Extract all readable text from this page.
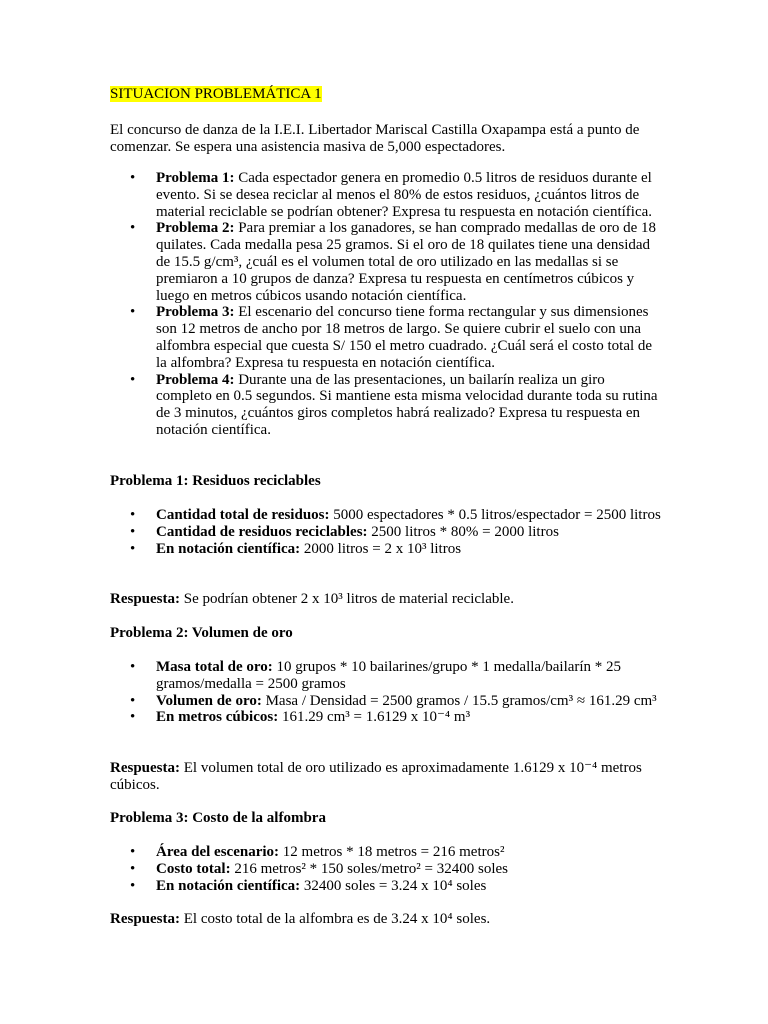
SITUACION PROBLEMÁTICA 1

El concurso de danza de la I.E.I. Libertador Mariscal Castilla Oxapampa está a punto de comenzar. Se espera una asistencia masiva de 5,000 espectadores.

• Problema 1: Cada espectador genera en promedio 0.5 litros de residuos durante el evento. Si se desea reciclar al menos el 80% de estos residuos, ¿cuántos litros de material reciclable se podrían obtener? Expresa tu respuesta en notación científica.
• Problema 2: Para premiar a los ganadores, se han comprado medallas de oro de 18 quilates. Cada medalla pesa 25 gramos. Si el oro de 18 quilates tiene una densidad de 15.5 g/cm³, ¿cuál es el volumen total de oro utilizado en las medallas si se premiaron a 10 grupos de danza? Expresa tu respuesta en centímetros cúbicos y luego en metros cúbicos usando notación científica.
• Problema 3: El escenario del concurso tiene forma rectangular y sus dimensiones son 12 metros de ancho por 18 metros de largo. Se quiere cubrir el suelo con una alfombra especial que cuesta S/ 150 el metro cuadrado. ¿Cuál será el costo total de la alfombra? Expresa tu respuesta en notación científica.
• Problema 4: Durante una de las presentaciones, un bailarín realiza un giro completo en 0.5 segundos. Si mantiene esta misma velocidad durante toda su rutina de 3 minutos, ¿cuántos giros completos habrá realizado? Expresa tu respuesta en notación científica.

Problema 1: Residuos reciclables

• Cantidad total de residuos: 5000 espectadores * 0.5 litros/espectador = 2500 litros
• Cantidad de residuos reciclables: 2500 litros * 80% = 2000 litros
• En notación científica: 2000 litros = 2 x 10³ litros

Respuesta: Se podrían obtener 2 x 10³ litros de material reciclable.

Problema 2: Volumen de oro

• Masa total de oro: 10 grupos * 10 bailarines/grupo * 1 medalla/bailarín * 25 gramos/medalla = 2500 gramos
• Volumen de oro: Masa / Densidad = 2500 gramos / 15.5 gramos/cm³ ≈ 161.29 cm³
• En metros cúbicos: 161.29 cm³ = 1.6129 x 10⁻⁴ m³

Respuesta: El volumen total de oro utilizado es aproximadamente 1.6129 x 10⁻⁴ metros cúbicos.

Problema 3: Costo de la alfombra

• Área del escenario: 12 metros * 18 metros = 216 metros²
• Costo total: 216 metros² * 150 soles/metro² = 32400 soles
• En notación científica: 32400 soles = 3.24 x 10⁴ soles

Respuesta: El costo total de la alfombra es de 3.24 x 10⁴ soles.
